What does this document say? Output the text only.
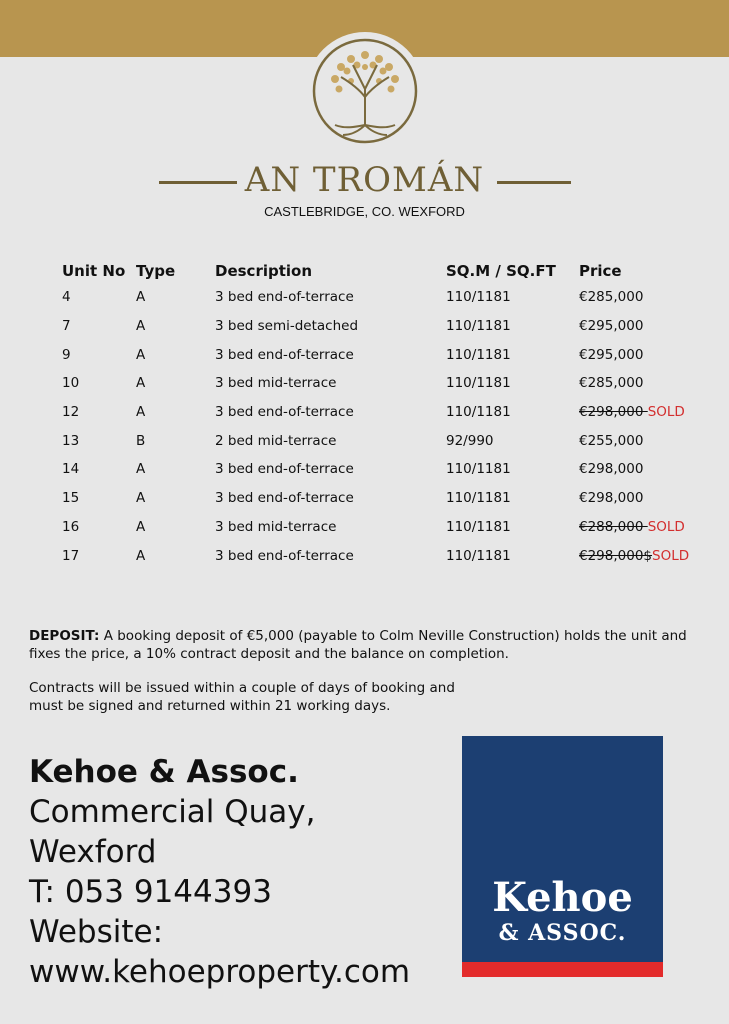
AN TROMÁN
CASTLEBRIDGE, CO. WEXFORD
Unit No	Type	Description	SQ.M / SQ.FT	Price
4	A	3 bed end-of-terrace	110/1181	€285,000
7	A	3 bed semi-detached	110/1181	€295,000
9	A	3 bed end-of-terrace	110/1181	€295,000
10	A	3 bed mid-terrace	110/1181	€285,000
12	A	3 bed end-of-terrace	110/1181	€298,000 SOLD
13	B	2 bed mid-terrace	92/990	€255,000
14	A	3 bed end-of-terrace	110/1181	€298,000
15	A	3 bed end-of-terrace	110/1181	€298,000
16	A	3 bed mid-terrace	110/1181	€288,000 SOLD
17	A	3 bed end-of-terrace	110/1181	€298,000$SOLD
DEPOSIT: A booking deposit of €5,000 (payable to Colm Neville Construction) holds the unit and fixes the price, a 10% contract deposit and the balance on completion.
Contracts will be issued within a couple of days of booking and must be signed and returned within 21 working days.
Kehoe & Assoc.
Commercial Quay,
Wexford
T: 053 9144393
Website:
www.kehoeproperty.com
Kehoe
& ASSOC.
